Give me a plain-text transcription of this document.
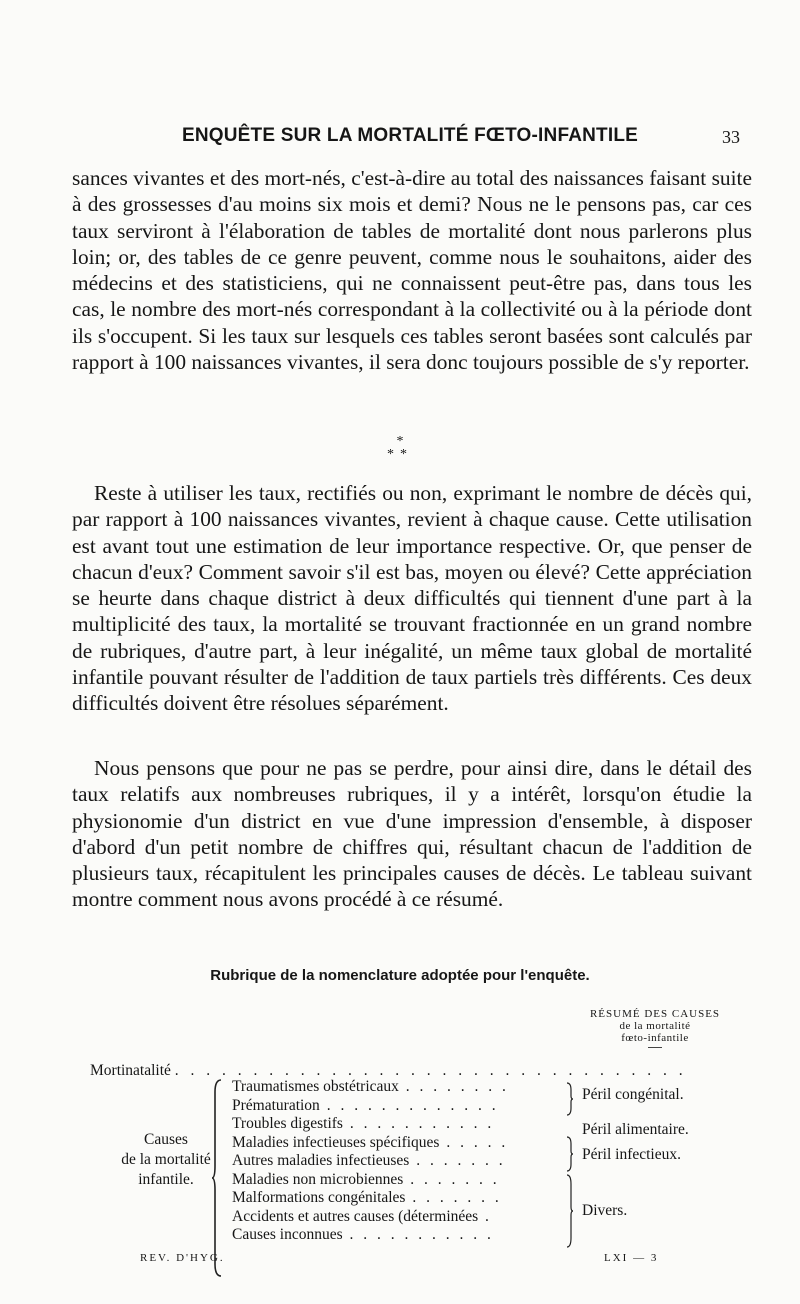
ENQUÊTE SUR LA MORTALITÉ FŒTO-INFANTILE	33

sances vivantes et des mort-nés, c'est-à-dire au total des naissances faisant suite à des grossesses d'au moins six mois et demi? Nous ne le pensons pas, car ces taux serviront à l'élaboration de tables de mortalité dont nous parlerons plus loin; or, des tables de ce genre peuvent, comme nous le souhaitons, aider des médecins et des statisticiens, qui ne connaissent peut-être pas, dans tous les cas, le nombre des mort-nés correspondant à la collectivité ou à la période dont ils s'occupent. Si les taux sur lesquels ces tables seront basées sont calculés par rapport à 100 naissances vivantes, il sera donc toujours possible de s'y reporter.

*
**

Reste à utiliser les taux, rectifiés ou non, exprimant le nombre de décès qui, par rapport à 100 naissances vivantes, revient à chaque cause. Cette utilisation est avant tout une estimation de leur importance respective. Or, que penser de chacun d'eux? Comment savoir s'il est bas, moyen ou élevé? Cette appréciation se heurte dans chaque district à deux difficultés qui tiennent d'une part à la multiplicité des taux, la mortalité se trouvant fractionnée en un grand nombre de rubriques, d'autre part, à leur inégalité, un même taux global de mortalité infantile pouvant résulter de l'addition de taux partiels très différents. Ces deux difficultés doivent être résolues séparément.

Nous pensons que pour ne pas se perdre, pour ainsi dire, dans le détail des taux relatifs aux nombreuses rubriques, il y a intérêt, lorsqu'on étudie la physionomie d'un district en vue d'une impression d'ensemble, à disposer d'abord d'un petit nombre de chiffres qui, résultant chacun de l'addition de plusieurs taux, récapitulent les principales causes de décès. Le tableau suivant montre comment nous avons procédé à ce résumé.

Rubrique de la nomenclature adoptée pour l'enquête.
RÉSUMÉ DES CAUSES
de la mortalité
fœto-infantile
Mortinatalité . . . . . . . . . . . . . . . . . . . . . . . . . . . . . . . . .
Causes
de la mortalité
infantile.
Traumatismes obstétricaux . . . . . . . .
Prématuration . . . . . . . . . . . . .
Troubles digestifs . . . . . . . . . . .
Maladies infectieuses spécifiques . . . . .
Autres maladies infectieuses . . . . . . .
Maladies non microbiennes . . . . . . .
Malformations congénitales . . . . . . .
Accidents et autres causes (déterminées .
Causes inconnues . . . . . . . . . . .
Péril congénital.
Péril alimentaire.
Péril infectieux.
Divers.
REV. D'HYG.	LXI — 3
